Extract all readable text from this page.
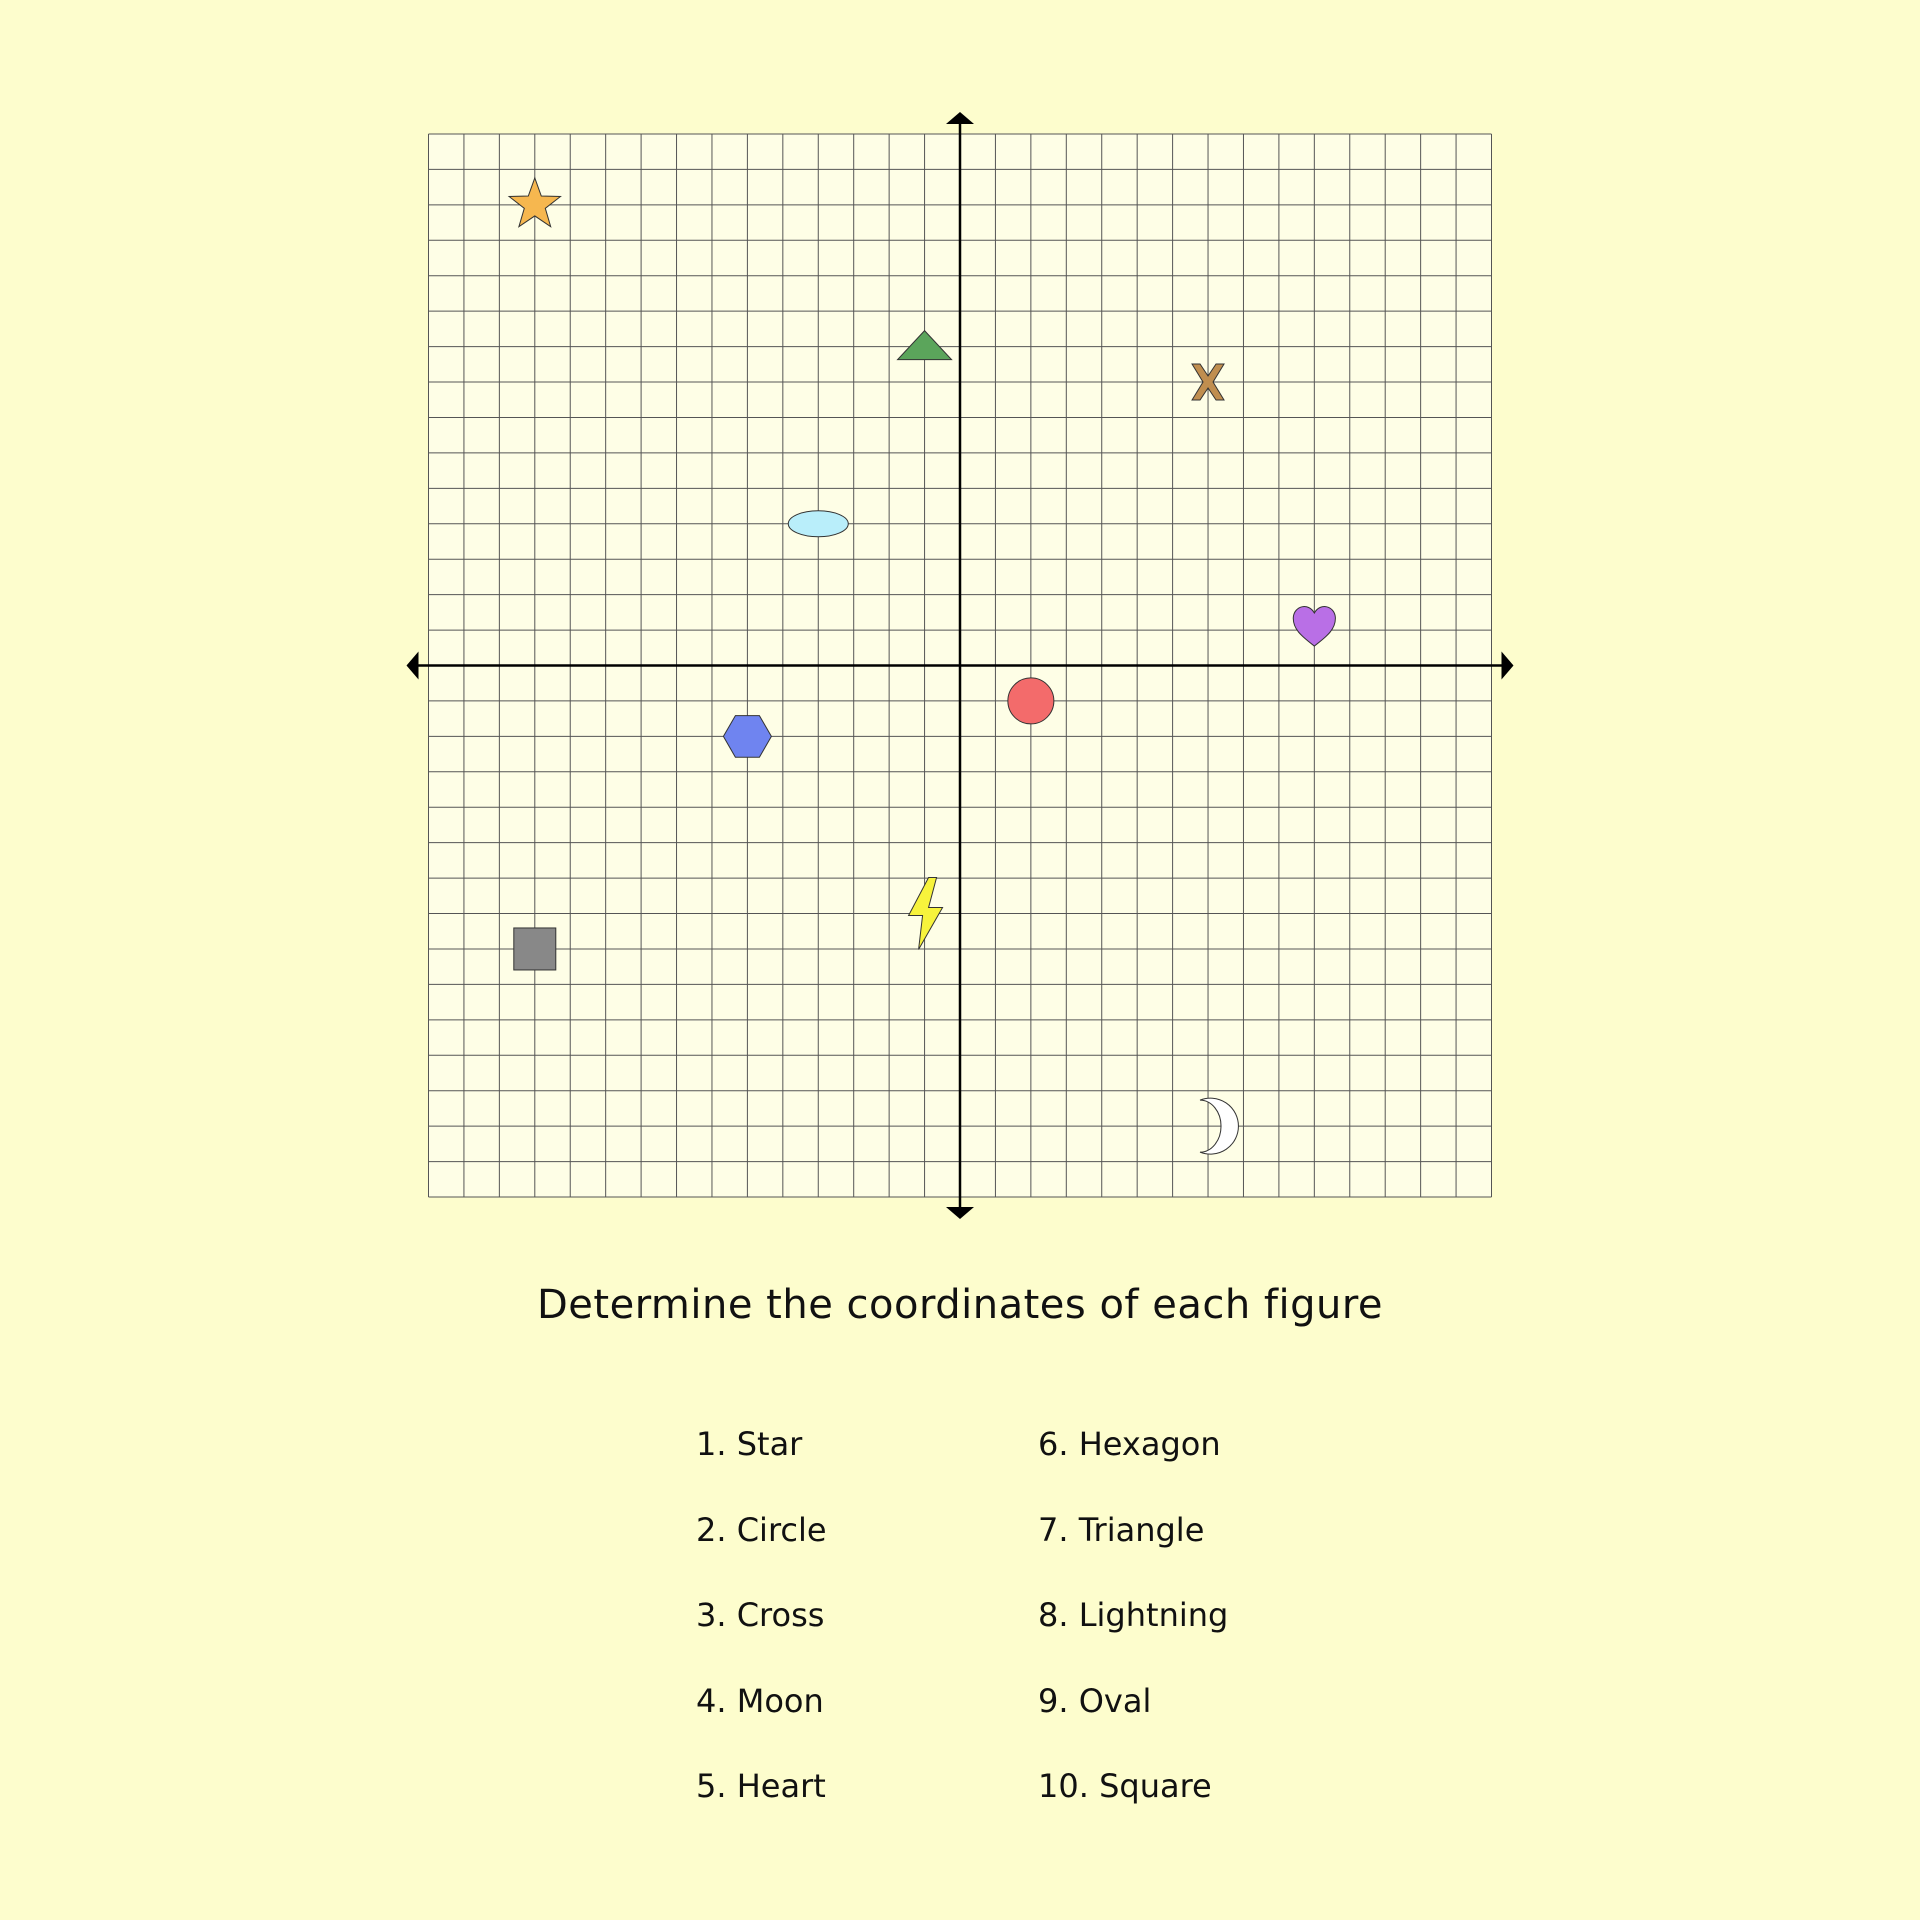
Determine the coordinates of each figure
1. Star
2. Circle
3. Cross
4. Moon
5. Heart
6. Hexagon
7. Triangle
8. Lightning
9. Oval
10. Square
